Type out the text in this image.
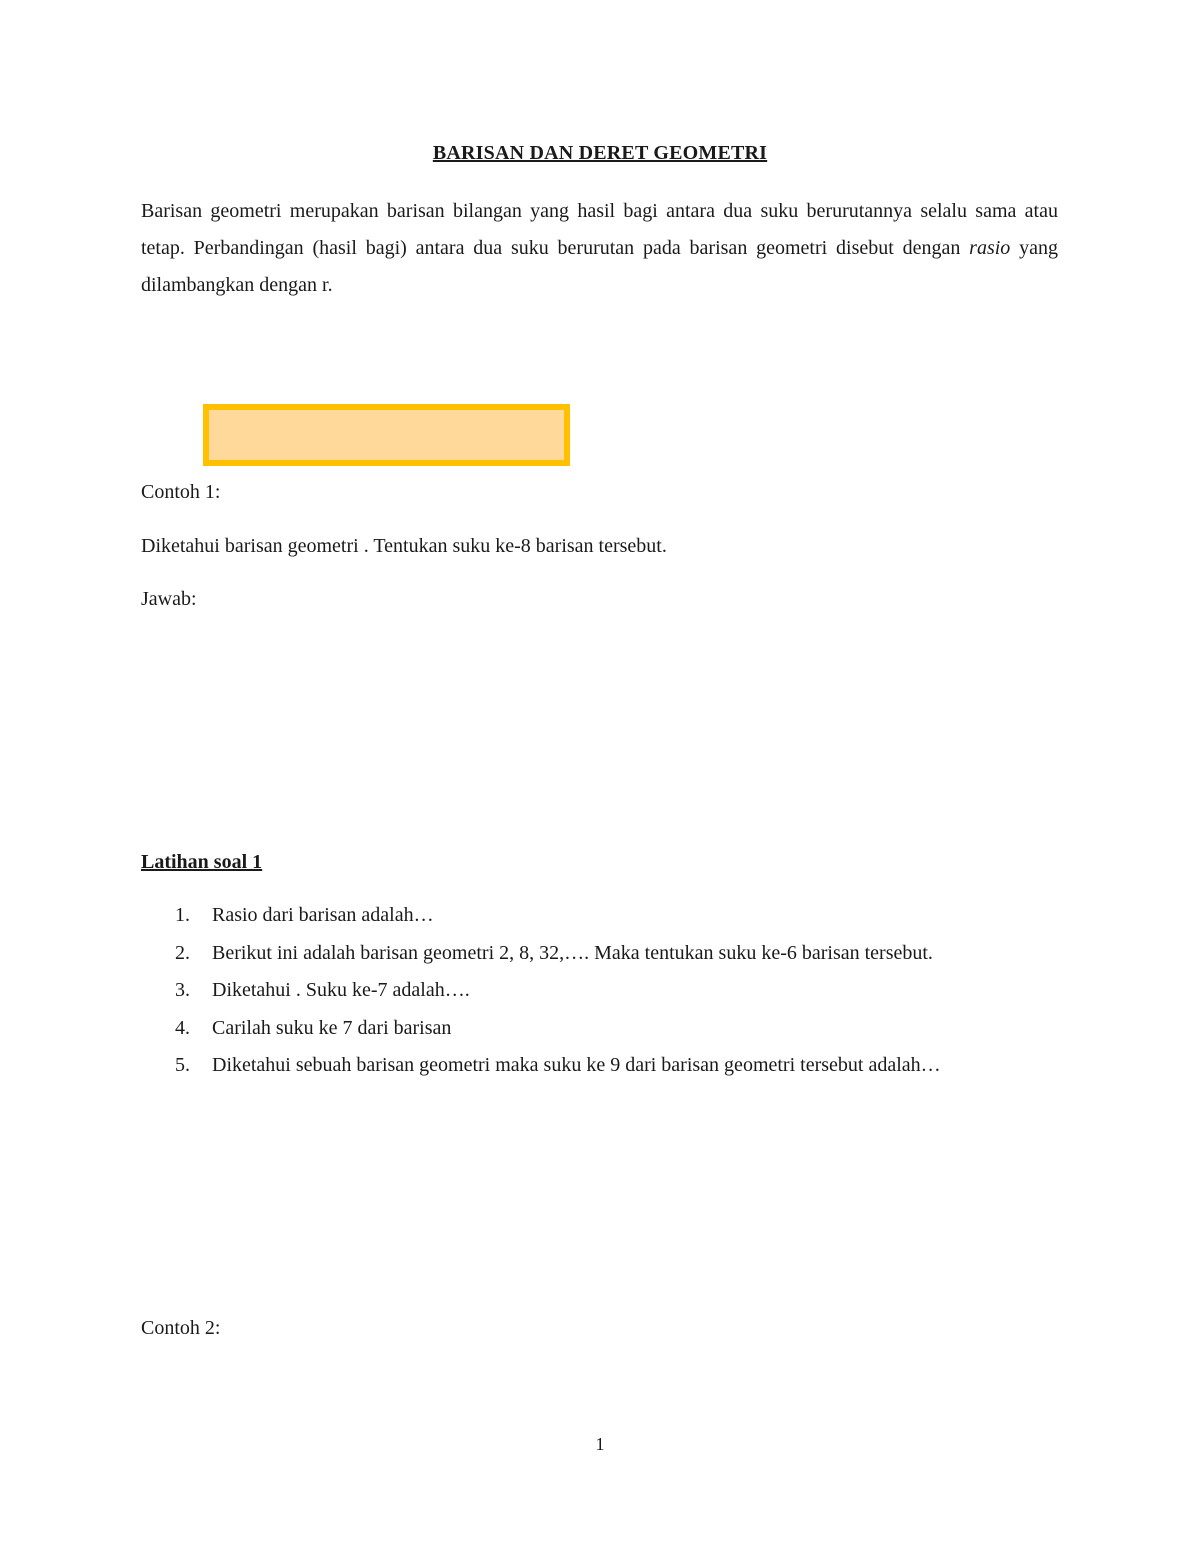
BARISAN DAN DERET GEOMETRI

Barisan geometri merupakan barisan bilangan yang hasil bagi antara dua suku berurutannya selalu sama atau tetap. Perbandingan (hasil bagi) antara dua suku berurutan pada barisan geometri disebut dengan rasio yang dilambangkan dengan r.

Contoh 1:
Diketahui barisan geometri . Tentukan suku ke-8 barisan tersebut.
Jawab:
Latihan soal 1
1.	Rasio dari barisan adalah…
2.	Berikut ini adalah barisan geometri 2, 8, 32,…. Maka tentukan suku ke-6 barisan tersebut.
3.	Diketahui . Suku ke-7 adalah….
4.	Carilah suku ke 7 dari barisan
5.	Diketahui sebuah barisan geometri maka suku ke 9 dari barisan geometri tersebut adalah…
Contoh 2:
1
